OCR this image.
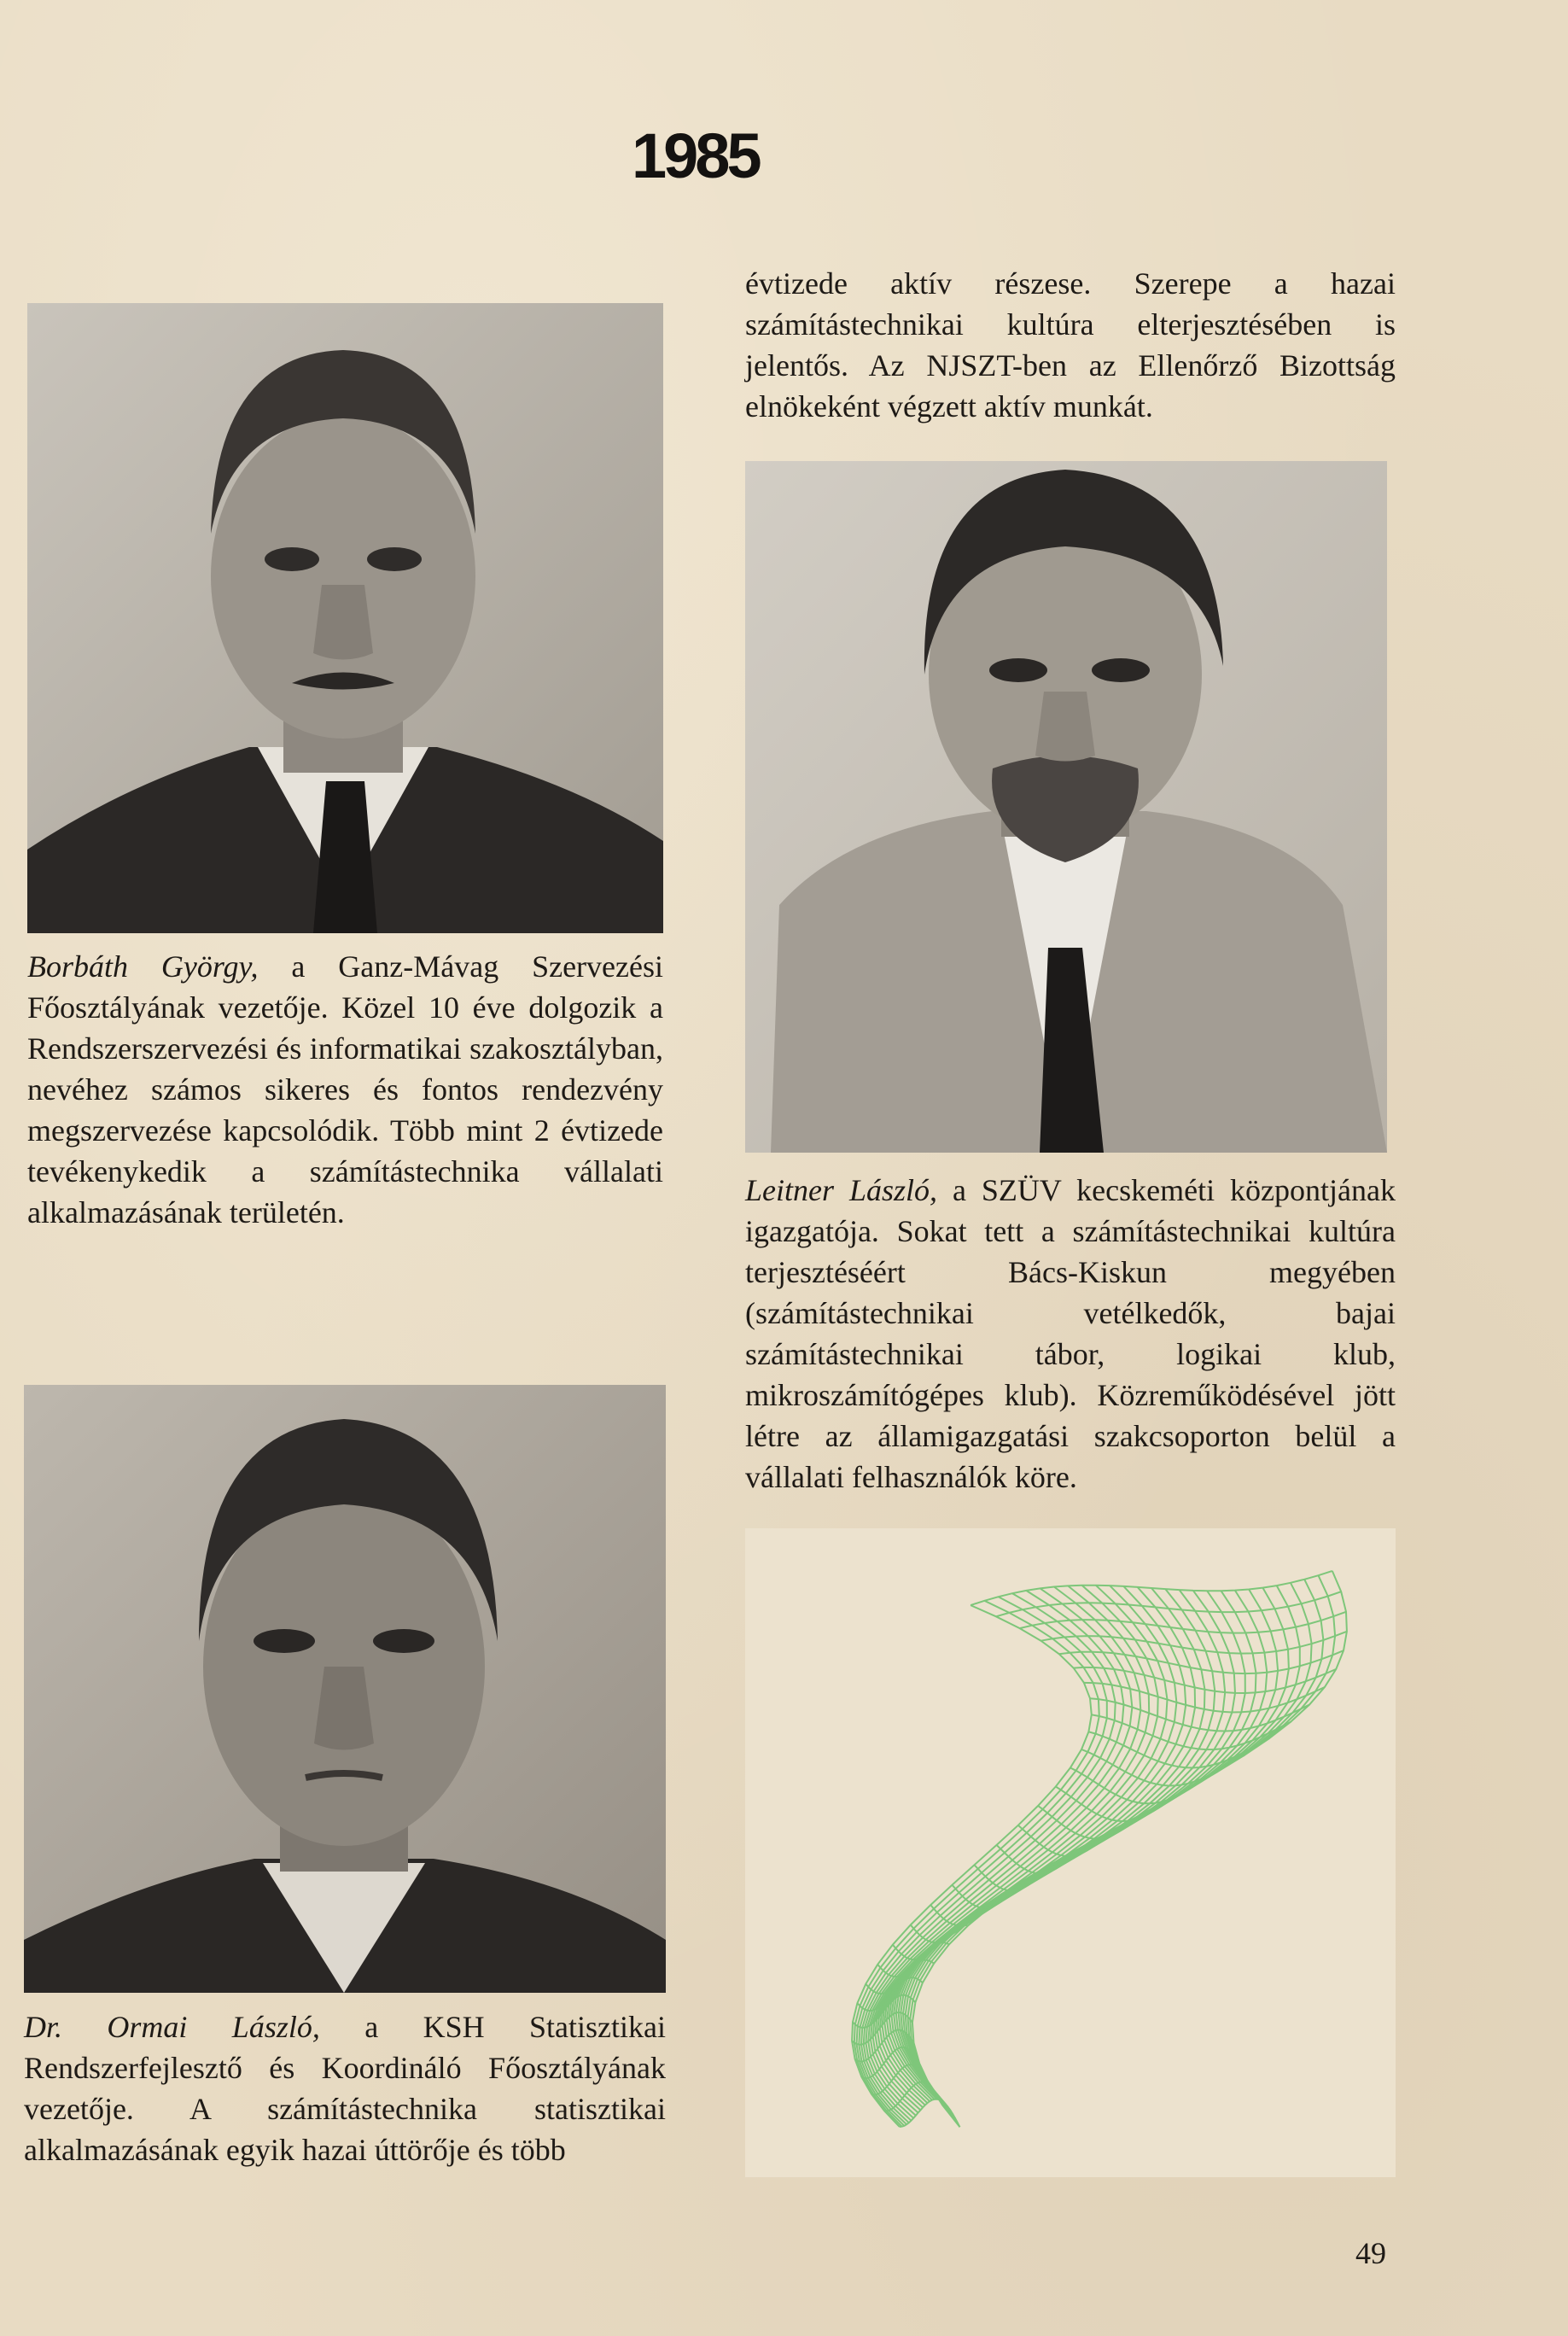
1985

Borbáth György, a Ganz-Mávag Szervezési Főosztályának vezetője. Közel 10 éve dolgozik a Rendszerszervezési és informatikai szakosztályban, nevéhez számos sikeres és fontos rendezvény megszervezése kapcsolódik. Több mint 2 évtizede tevékenykedik a számítástechnika vállalati alkalmazásának területén.

Dr. Ormai László, a KSH Statisztikai Rendszerfejlesztő és Koordináló Főosztályának vezetője. A számítástechnika statisztikai alkalmazásának egyik hazai úttörője és több

évtizede aktív részese. Szerepe a hazai számítástechnikai kultúra elterjesztésében is jelentős. Az NJSZT-ben az Ellenőrző Bizottság elnökeként végzett aktív munkát.

Leitner László, a SZÜV kecskeméti központjának igazgatója. Sokat tett a számítástechnikai kultúra terjesztéséért Bács-Kiskun megyében (számítástechnikai vetélkedők, bajai számítástechnikai tábor, logikai klub, mikroszámítógépes klub). Közreműködésével jött létre az államigazgatási szakcsoporton belül a vállalati felhasználók köre.

49
